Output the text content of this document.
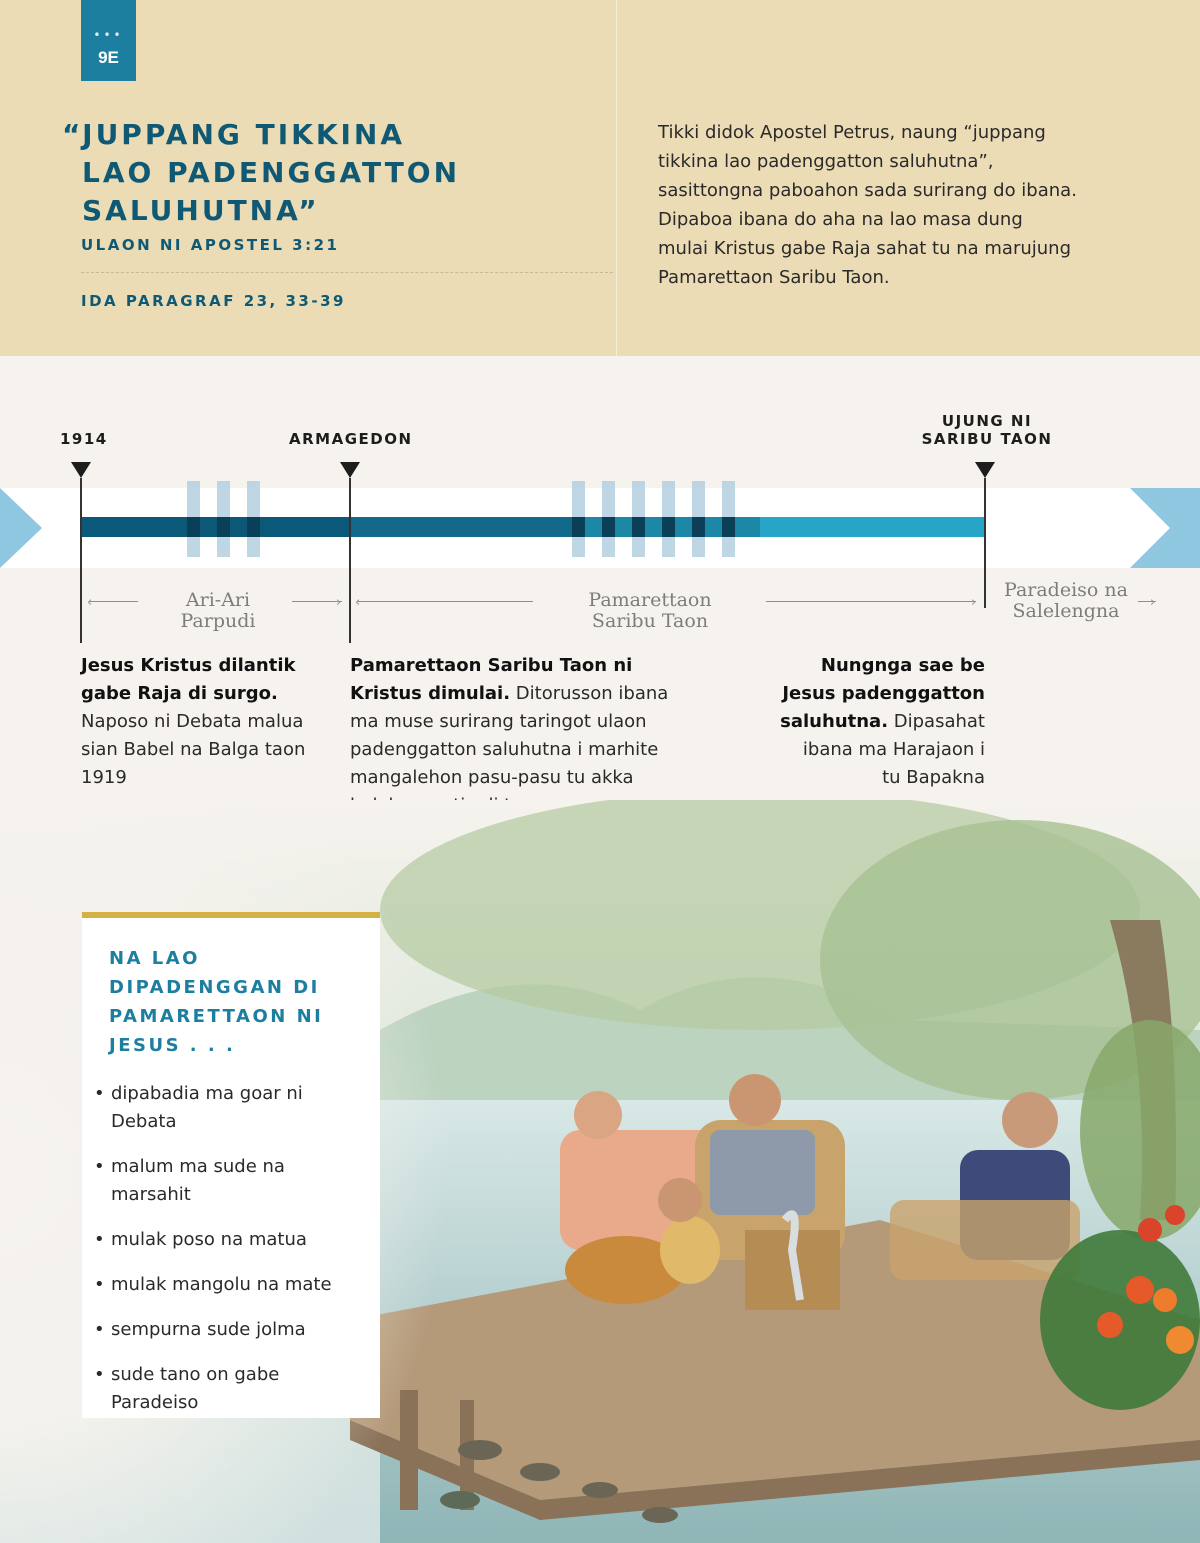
•••
9E
“JUPPANG TIKKINA
LAO PADENGGATTON
SALUHUTNA”
ULAON NI APOSTEL 3:21
IDA PARAGRAF 23, 33-39

Tikki didok Apostel Petrus, naung “juppang tikkina lao padenggatton saluhutna”, sasittongna paboahon sada surirang do ibana. Dipaboa ibana do aha na lao masa dung mulai Kristus gabe Raja sahat tu na marujung Pamarettaon Saribu Taon.

1914	ARMAGEDON
UJUNG NI SARIBU TAON
‹	Ari-Ari Parpudi
› ‹	Pamarettaon Saribu Taon
›
Paradeiso na Salelengna	›

Jesus Kristus dilantik gabe Raja di surgo. Naposo ni Debata malua sian Babel na Balga taon 1919

Pamarettaon Saribu Taon ni Kristus dimulai. Ditorusson ibana ma muse surirang taringot ulaon padenggatton saluhutna i marhite mangalehon pasu-pasu tu akka

Nungnga sae be Jesus padenggatton saluhutna. Dipasahat ibana ma Harajaon i tu Bapakna

NA LAO DIPADENGGAN DI PAMARETTAON NI JESUS . . .
• dipabadia ma goar ni Debata
• malum ma sude na marsahit
• mulak poso na matua
• mulak mangolu na mate
• sempurna sude jolma
• sude tano on gabe Paradeiso
